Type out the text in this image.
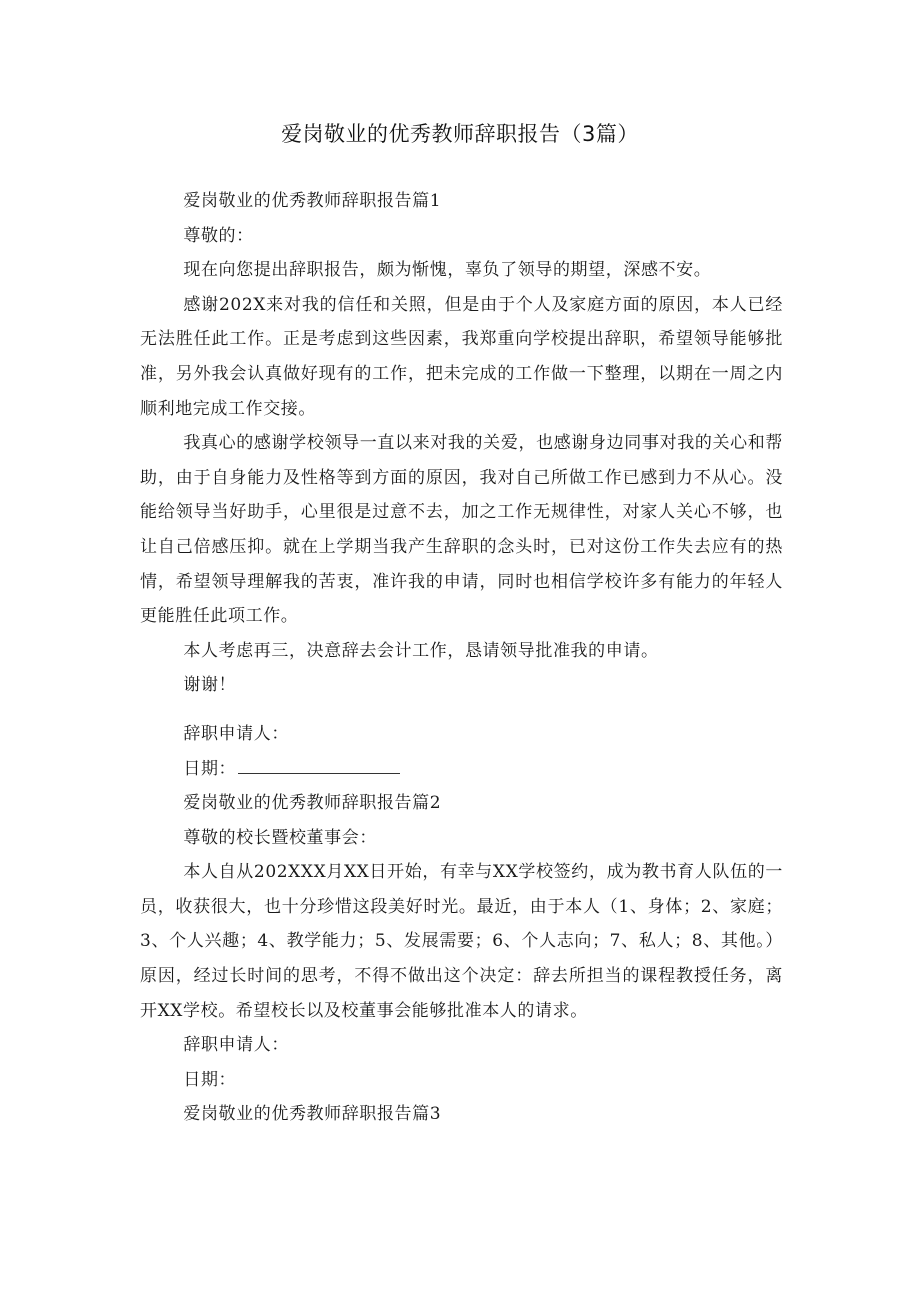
爱岗敬业的优秀教师辞职报告（3篇）

爱岗敬业的优秀教师辞职报告篇1

尊敬的：

现在向您提出辞职报告，颇为惭愧，辜负了领导的期望，深感不安。

感谢202X来对我的信任和关照，但是由于个人及家庭方面的原因，本人已经无法胜任此工作。正是考虑到这些因素，我郑重向学校提出辞职，希望领导能够批准，另外我会认真做好现有的工作，把未完成的工作做一下整理，以期在一周之内顺利地完成工作交接。

我真心的感谢学校领导一直以来对我的关爱，也感谢身边同事对我的关心和帮助，由于自身能力及性格等到方面的原因，我对自己所做工作已感到力不从心。没能给领导当好助手，心里很是过意不去，加之工作无规律性，对家人关心不够，也让自己倍感压抑。就在上学期当我产生辞职的念头时，已对这份工作失去应有的热情，希望领导理解我的苦衷，准许我的申请，同时也相信学校许多有能力的年轻人更能胜任此项工作。

本人考虑再三，决意辞去会计工作，恳请领导批准我的申请。

谢谢！

辞职申请人：

日期：

爱岗敬业的优秀教师辞职报告篇2

尊敬的校长暨校董事会：

本人自从202XXX月XX日开始，有幸与XX学校签约，成为教书育人队伍的一员，收获很大，也十分珍惜这段美好时光。最近，由于本人（1、身体；2、家庭；3、个人兴趣；4、教学能力；5、发展需要；6、个人志向；7、私人；8、其他。）原因，经过长时间的思考，不得不做出这个决定：辞去所担当的课程教授任务，离开XX学校。希望校长以及校董事会能够批准本人的请求。

辞职申请人：

日期：

爱岗敬业的优秀教师辞职报告篇3
